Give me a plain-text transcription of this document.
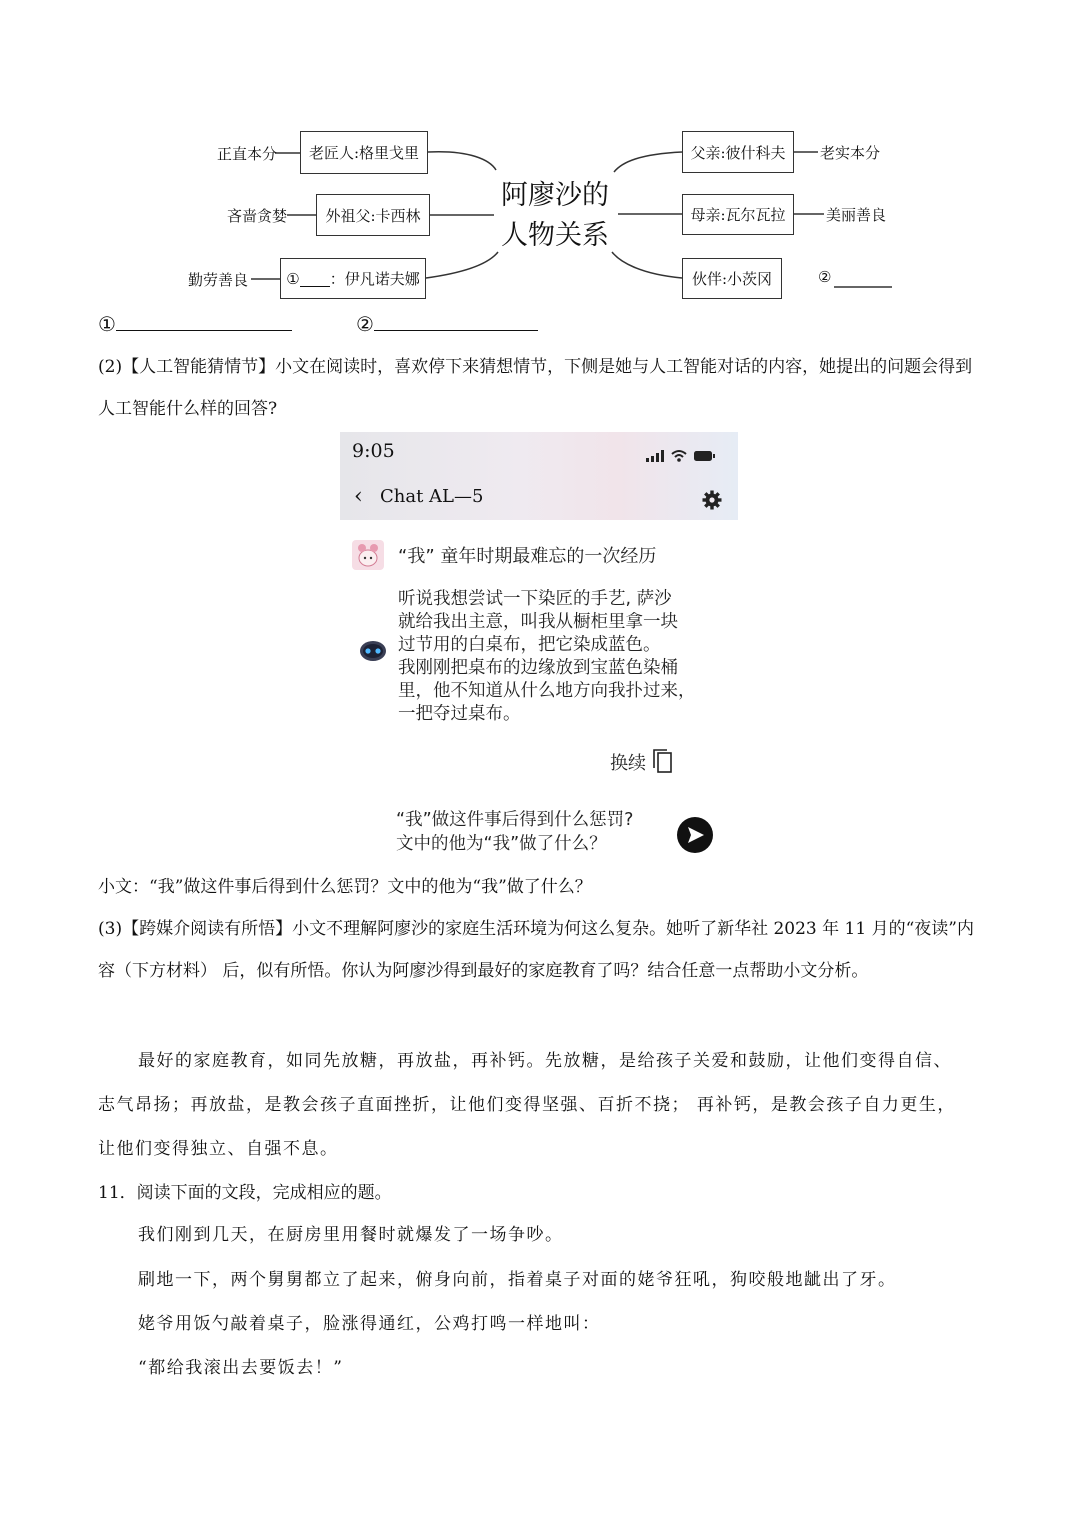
正直本分 老匠人:格里戈里
吝啬贪婪	外祖父:卡西林
勤劳善良	① ：伊凡诺夫娜
阿廖沙的
人物关系
父亲:彼什科夫 老实本分
母亲:瓦尔瓦拉	美丽善良
伙伴:小茨冈	②
①	②
(2)【人工智能猜情节】小文在阅读时，喜欢停下来猜想情节，下侧是她与人工智能对话的内容，她提出的问题会得到人工智能什么样的回答?
9:05
‹ Chat AL—5
“我” 童年时期最难忘的一次经历
听说我想尝试一下染匠的手艺, 萨沙
就给我出主意，叫我从橱柜里拿一块
过节用的白桌布，把它染成蓝色。
我刚刚把桌布的边缘放到宝蓝色染桶
里，他不知道从什么地方向我扑过来，
一把夺过桌布。
换续
“我”做这件事后得到什么惩罚?
文中的他为“我”做了什么？
小文：“我”做这件事后得到什么惩罚？文中的他为“我”做了什么？
(3)【跨媒介阅读有所悟】小文不理解阿廖沙的家庭生活环境为何这么复杂。她听了新华社 2023 年 11 月的“夜读”内容（下方材料） 后，似有所悟。你认为阿廖沙得到最好的家庭教育了吗？结合任意一点帮助小文分析。
最好的家庭教育，如同先放糖，再放盐，再补钙。先放糖，是给孩子关爱和鼓励，让他们变得自信、
志气昂扬；再放盐，是教会孩子直面挫折，让他们变得坚强、百折不挠； 再补钙，是教会孩子自力更生，
让他们变得独立、自强不息。
11．阅读下面的文段，完成相应的题。
我们刚到几天，在厨房里用餐时就爆发了一场争吵。
刷地一下，两个舅舅都立了起来，俯身向前，指着桌子对面的姥爷狂吼，狗咬般地龇出了牙。
姥爷用饭勺敲着桌子，脸涨得通红，公鸡打鸣一样地叫：
“都给我滚出去要饭去！”
